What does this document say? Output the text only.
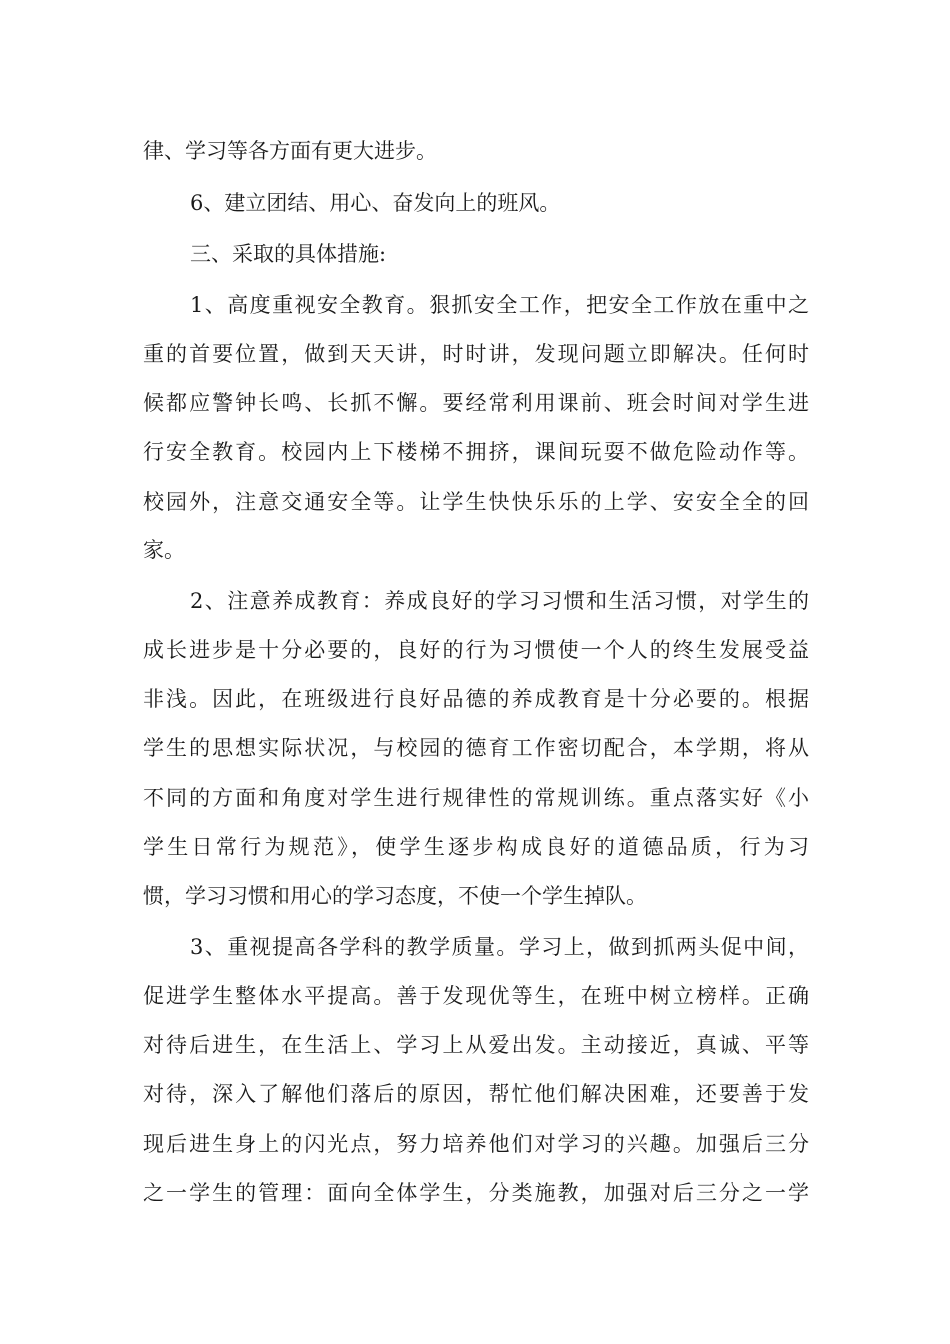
律、学习等各方面有更大进步。
6、建立团结、用心、奋发向上的班风。
三、采取的具体措施:
1、高度重视安全教育。狠抓安全工作，把安全工作放在重中之
重的首要位置，做到天天讲，时时讲，发现问题立即解决。任何时
候都应警钟长鸣、长抓不懈。要经常利用课前、班会时间对学生进
行安全教育。校园内上下楼梯不拥挤，课间玩耍不做危险动作等。
校园外，注意交通安全等。让学生快快乐乐的上学、安安全全的回
家。
2、注意养成教育：养成良好的学习习惯和生活习惯，对学生的
成长进步是十分必要的，良好的行为习惯使一个人的终生发展受益
非浅。因此，在班级进行良好品德的养成教育是十分必要的。根据
学生的思想实际状况，与校园的德育工作密切配合，本学期，将从
不同的方面和角度对学生进行规律性的常规训练。重点落实好《小
学生日常行为规范》，使学生逐步构成良好的道德品质，行为习
惯，学习习惯和用心的学习态度，不使一个学生掉队。
3、重视提高各学科的教学质量。学习上，做到抓两头促中间，
促进学生整体水平提高。善于发现优等生，在班中树立榜样。正确
对待后进生，在生活上、学习上从爱出发。主动接近，真诚、平等
对待，深入了解他们落后的原因，帮忙他们解决困难，还要善于发
现后进生身上的闪光点，努力培养他们对学习的兴趣。加强后三分
之一学生的管理：面向全体学生，分类施教，加强对后三分之一学
